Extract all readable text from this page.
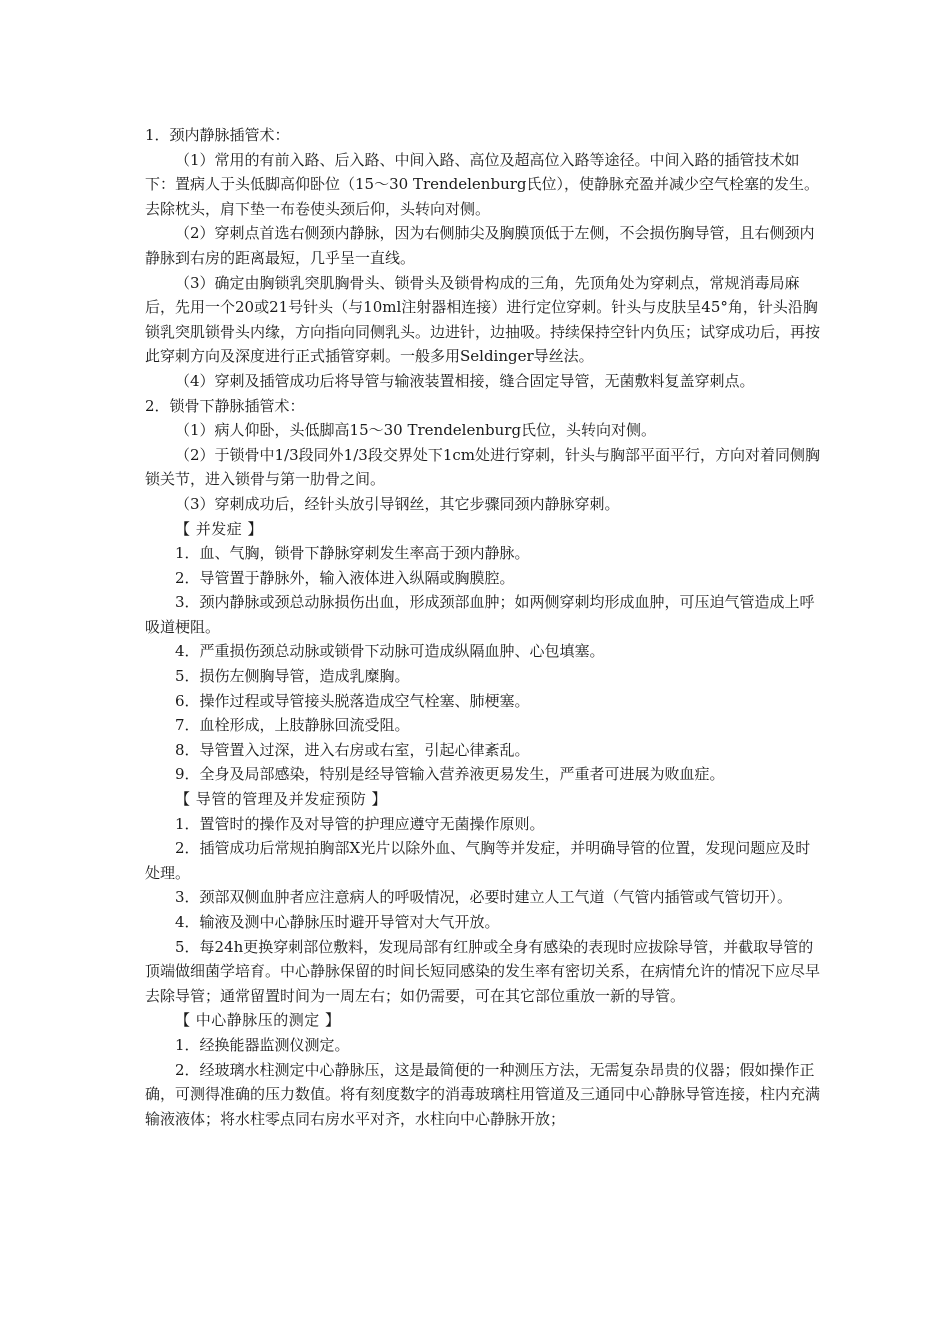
1．颈内静脉插管术：

（1）常用的有前入路、后入路、中间入路、高位及超高位入路等途径。中间入路的插管技术如下：置病人于头低脚高仰卧位（15～30 Trendelenburg氏位），使静脉充盈并减少空气栓塞的发生。去除枕头，肩下垫一布卷使头颈后仰，头转向对侧。

（2）穿刺点首选右侧颈内静脉，因为右侧肺尖及胸膜顶低于左侧，不会损伤胸导管，且右侧颈内静脉到右房的距离最短，几乎呈一直线。

（3）确定由胸锁乳突肌胸骨头、锁骨头及锁骨构成的三角，先顶角处为穿刺点，常规消毒局麻后，先用一个20或21号针头（与10ml注射器相连接）进行定位穿刺。针头与皮肤呈45°角，针头沿胸锁乳突肌锁骨头内缘，方向指向同侧乳头。边进针，边抽吸。持续保持空针内负压；试穿成功后，再按此穿刺方向及深度进行正式插管穿刺。一般多用Seldinger导丝法。

（4）穿刺及插管成功后将导管与输液装置相接，缝合固定导管，无菌敷料复盖穿刺点。

2．锁骨下静脉插管术：

（1）病人仰卧，头低脚高15～30 Trendelenburg氏位，头转向对侧。

（2）于锁骨中1/3段同外1/3段交界处下1cm处进行穿刺，针头与胸部平面平行，方向对着同侧胸锁关节，进入锁骨与第一肋骨之间。

（3）穿刺成功后，经针头放引导钢丝，其它步骤同颈内静脉穿刺。

【 并发症 】

1．血、气胸，锁骨下静脉穿刺发生率高于颈内静脉。

2．导管置于静脉外，输入液体进入纵隔或胸膜腔。

3．颈内静脉或颈总动脉损伤出血，形成颈部血肿；如两侧穿刺均形成血肿，可压迫气管造成上呼吸道梗阻。

4．严重损伤颈总动脉或锁骨下动脉可造成纵隔血肿、心包填塞。

5．损伤左侧胸导管，造成乳糜胸。

6．操作过程或导管接头脱落造成空气栓塞、肺梗塞。

7．血栓形成，上肢静脉回流受阻。

8．导管置入过深，进入右房或右室，引起心律紊乱。

9．全身及局部感染，特别是经导管输入营养液更易发生，严重者可进展为败血症。

【 导管的管理及并发症预防 】

1．置管时的操作及对导管的护理应遵守无菌操作原则。

2．插管成功后常规拍胸部X光片以除外血、气胸等并发症，并明确导管的位置，发现问题应及时处理。

3．颈部双侧血肿者应注意病人的呼吸情况，必要时建立人工气道（气管内插管或气管切开）。

4．输液及测中心静脉压时避开导管对大气开放。

5．每24h更换穿刺部位敷料，发现局部有红肿或全身有感染的表现时应拔除导管，并截取导管的顶端做细菌学培育。中心静脉保留的时间长短同感染的发生率有密切关系，在病情允许的情况下应尽早去除导管；通常留置时间为一周左右；如仍需要，可在其它部位重放一新的导管。

【 中心静脉压的测定 】

1．经换能器监测仪测定。

2．经玻璃水柱测定中心静脉压，这是最简便的一种测压方法，无需复杂昂贵的仪器；假如操作正确，可测得准确的压力数值。将有刻度数字的消毒玻璃柱用管道及三通同中心静脉导管连接，柱内充满输液液体；将水柱零点同右房水平对齐，水柱向中心静脉开放；
